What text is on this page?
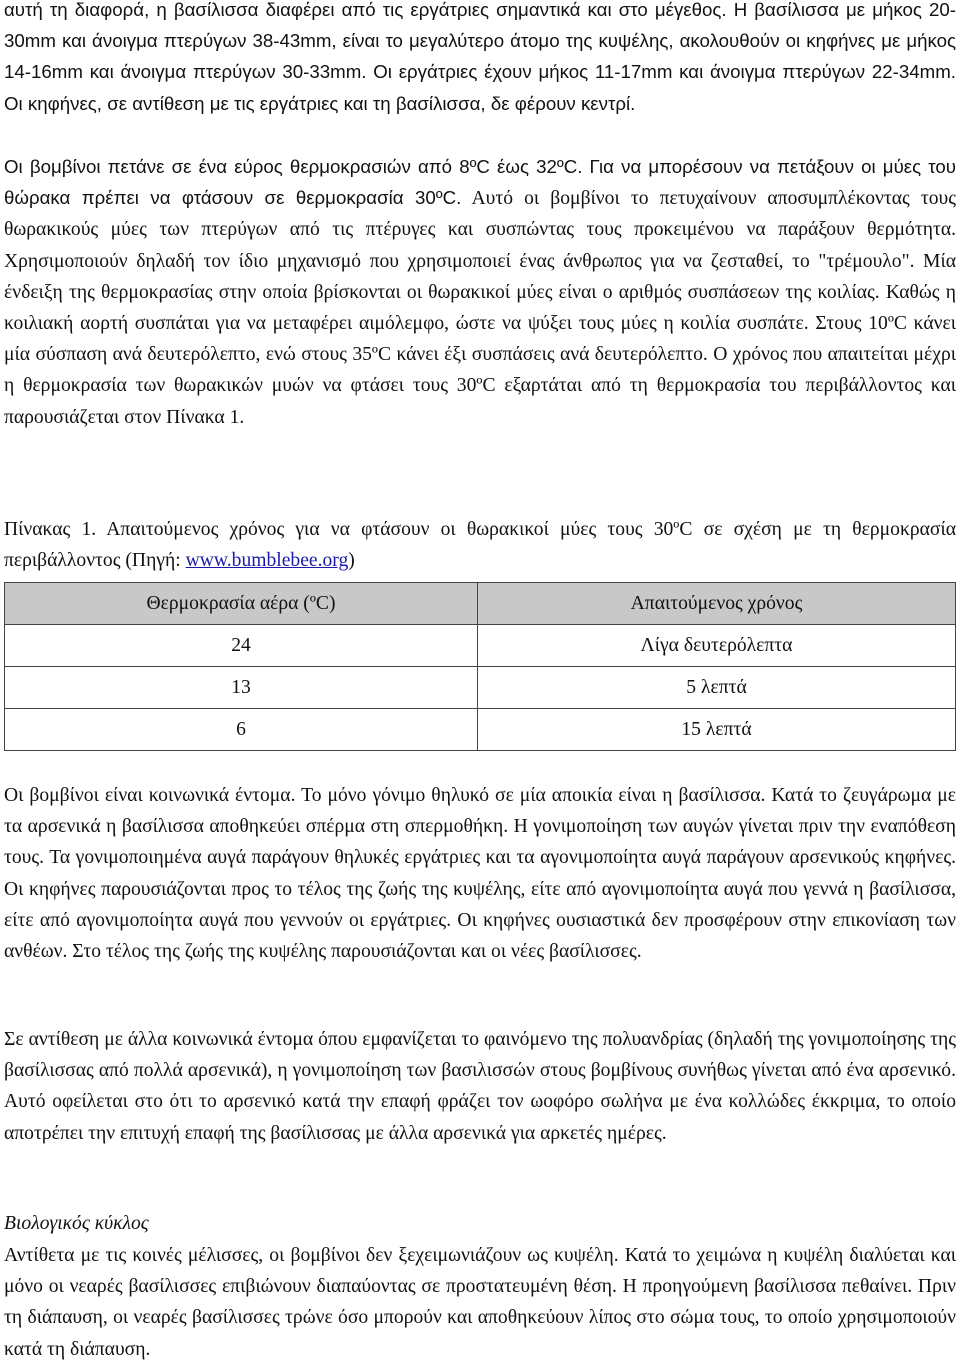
αυτή τη διαφορά, η βασίλισσα διαφέρει από τις εργάτριες σημαντικά και στο μέγεθος. Η βασίλισσα με μήκος 20-30mm και άνοιγμα πτερύγων 38-43mm, είναι το μεγαλύτερο άτομο της κυψέλης, ακολουθούν οι κηφήνες με μήκος 14-16mm και άνοιγμα πτερύγων 30-33mm. Οι εργάτριες έχουν μήκος 11-17mm και άνοιγμα πτερύγων 22-34mm. Οι κηφήνες, σε αντίθεση με τις εργάτριες και τη βασίλισσα, δε φέρουν κεντρί.

Οι βομβίνοι πετάνε σε ένα εύρος θερμοκρασιών από 8ºC έως 32ºC. Για να μπορέσουν να πετάξουν οι μύες του θώρακα πρέπει να φτάσουν σε θερμοκρασία 30ºC. Αυτό οι βομβίνοι το πετυχαίνουν αποσυμπλέκοντας τους θωρακικούς μύες των πτερύγων από τις πτέρυγες και συσπώντας τους προκειμένου να παράξουν θερμότητα. Χρησιμοποιούν δηλαδή τον ίδιο μηχανισμό που χρησιμοποιεί ένας άνθρωπος για να ζεσταθεί, το "τρέμουλο". Μία ένδειξη της θερμοκρασίας στην οποία βρίσκονται οι θωρακικοί μύες είναι ο αριθμός συσπάσεων της κοιλίας. Καθώς η κοιλιακή αορτή συσπάται για να μεταφέρει αιμόλεμφο, ώστε να ψύξει τους μύες η κοιλία συσπάτε. Στους 10ºC κάνει μία σύσπαση ανά δευτερόλεπτο, ενώ στους 35ºC κάνει έξι συσπάσεις ανά δευτερόλεπτο. Ο χρόνος που απαιτείται μέχρι η θερμοκρασία των θωρακικών μυών να φτάσει τους 30ºC εξαρτάται από τη θερμοκρασία του περιβάλλοντος και παρουσιάζεται στον Πίνακα 1.

Πίνακας 1. Απαιτούμενος χρόνος για να φτάσουν οι θωρακικοί μύες τους 30ºC σε σχέση με τη θερμοκρασία περιβάλλοντος (Πηγή: www.bumblebee.org)

Θερμοκρασία αέρα (ºC)	Απαιτούμενος χρόνος
24	Λίγα δευτερόλεπτα
13	5 λεπτά
6	15 λεπτά

Οι βομβίνοι είναι κοινωνικά έντομα. Το μόνο γόνιμο θηλυκό σε μία αποικία είναι η βασίλισσα. Κατά το ζευγάρωμα με τα αρσενικά η βασίλισσα αποθηκεύει σπέρμα στη σπερμοθήκη. Η γονιμοποίηση των αυγών γίνεται πριν την εναπόθεση τους. Τα γονιμοποιημένα αυγά παράγουν θηλυκές εργάτριες και τα αγονιμοποίητα αυγά παράγουν αρσενικούς κηφήνες. Οι κηφήνες παρουσιάζονται προς το τέλος της ζωής της κυψέλης, είτε από αγονιμοποίητα αυγά που γεννά η βασίλισσα, είτε από αγονιμοποίητα αυγά που γεννούν οι εργάτριες. Οι κηφήνες ουσιαστικά δεν προσφέρουν στην επικονίαση των ανθέων. Στο τέλος της ζωής της κυψέλης παρουσιάζονται και οι νέες βασίλισσες.

Σε αντίθεση με άλλα κοινωνικά έντομα όπου εμφανίζεται το φαινόμενο της πολυανδρίας (δηλαδή της γονιμοποίησης της βασίλισσας από πολλά αρσενικά), η γονιμοποίηση των βασιλισσών στους βομβίνους συνήθως γίνεται από ένα αρσενικό. Αυτό οφείλεται στο ότι το αρσενικό κατά την επαφή φράζει τον ωοφόρο σωλήνα με ένα κολλώδες έκκριμα, το οποίο αποτρέπει την επιτυχή επαφή της βασίλισσας με άλλα αρσενικά για αρκετές ημέρες.

Βιολογικός κύκλος

Αντίθετα με τις κοινές μέλισσες, οι βομβίνοι δεν ξεχειμωνιάζουν ως κυψέλη. Κατά το χειμώνα η κυψέλη διαλύεται και μόνο οι νεαρές βασίλισσες επιβιώνουν διαπαύοντας σε προστατευμένη θέση. Η προηγούμενη βασίλισσα πεθαίνει. Πριν τη διάπαυση, οι νεαρές βασίλισσες τρώνε όσο μπορούν και αποθηκεύουν λίπος στο σώμα τους, το οποίο χρησιμοποιούν κατά τη διάπαυση.
